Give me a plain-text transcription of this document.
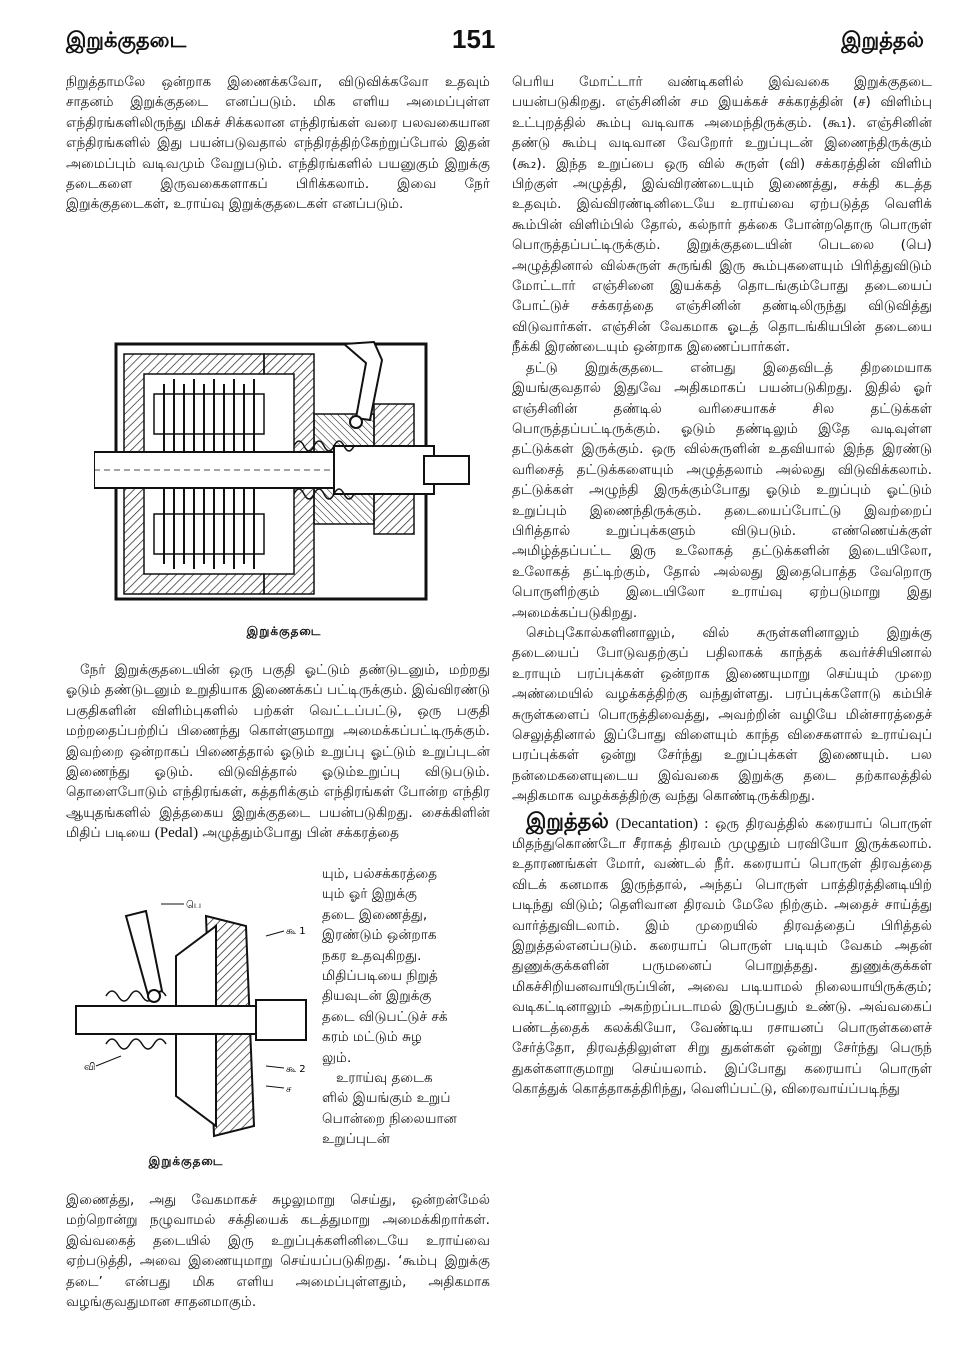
இறுக்குதடை	151	இறுத்தல்

நிறுத்தாமலே ஒன்றாக இணைக்கவோ, விடுவிக்கவோ உதவும் சாதனம் இறுக்குதடை எனப்படும். மிக எளிய அமைப்புள்ள எந்திரங்களிலிருந்து மிகச் சிக்கலான எந்திரங்கள் வரை பலவகையான எந்திரங்களில் இது பயன்படுவதால் எந்திரத்திற்கேற்றுப்போல் இதன் அமைப்பும் வடிவமும் வேறுபடும். எந்திரங்களில் பயனுகும் இறுக்கு தடைகளை இருவகைகளாகப் பிரிக்கலாம். இவை நேர் இறுக்குதடைகள், உராய்வு இறுக்குதடைகள் எனப்படும்.

இறுக்குதடை

நேர் இறுக்குதடையின் ஒரு பகுதி ஓட்டும் தண்டுடனும், மற்றது ஓடும் தண்டுடனும் உறுதியாக இணைக்கப் பட்டிருக்கும். இவ்விரண்டு பகுதிகளின் விளிம்புகளில் பற்கள் வெட்டப்பட்டு, ஒரு பகுதி மற்றதைப்பற்றிப் பிணைந்து கொள்ளுமாறு அமைக்கப்பட்டிருக்கும். இவற்றை ஒன்றாகப் பிணைத்தால் ஓடும் உறுப்பு ஓட்டும் உறுப்புடன் இணைந்து ஓடும். விடுவித்தால் ஓடும்உறுப்பு விடுபடும். தொளைபோடும் எந்திரங்கள், கத்தரிக்கும் எந்திரங்கள் போன்ற எந்திர ஆயுதங்களில் இத்தகைய இறுக்குதடை பயன்படுகிறது. சைக்கிளின் மிதிப் படியை (Pedal) அழுத்தும்போது பின் சக்கரத்தை

பெ
கூ 1
கூ 2
ச
வி
இறுக்குதடை
யும், பல்சக்கரத்தை
யும் ஓர் இறுக்கு
தடை இணைத்து,
இரண்டும் ஒன்றாக
நகர உதவுகிறது.
மிதிப்படியை நிறுத்
தியவுடன் இறுக்கு
தடை விடுபட்டுச் சக்
கரம் மட்டும் சுழ
லும்.
உராய்வு தடைக
ளில் இயங்கும் உறுப்
பொன்றை நிலையான
உறுப்புடன்

இணைத்து, அது வேகமாகச் சுழலுமாறு செய்து, ஒன்றன்மேல் மற்றொன்று நழுவாமல் சக்தியைக் கடத்துமாறு அமைக்கிறார்கள். இவ்வகைத் தடையில் இரு உறுப்புக்களினிடையே உராய்வை ஏற்படுத்தி, அவை இணையுமாறு செய்யப்படுகிறது. ‘கூம்பு இறுக்கு தடை’ என்பது மிக எளிய அமைப்புள்ளதும், அதிகமாக வழங்குவதுமான சாதனமாகும்.

பெரிய மோட்டார் வண்டிகளில் இவ்வகை இறுக்குதடை பயன்படுகிறது. எஞ்சினின் சம இயக்கச் சக்கரத்தின் (ச) விளிம்பு உட்புறத்தில் கூம்பு வடிவாக அமைந்திருக்கும். (கூ₁). எஞ்சினின் தண்டு கூம்பு வடிவான வேறோர் உறுப்புடன் இணைந்திருக்கும் (கூ₂). இந்த உறுப்பை ஒரு வில் சுருள் (வி) சக்கரத்தின் விளிம் பிற்குள் அழுத்தி, இவ்விரண்டையும் இணைத்து, சக்தி கடத்த உதவும். இவ்விரண்டினிடையே உராய்வை ஏற்படுத்த வெளிக் கூம்பின் விளிம்பில் தோல், கல்நார் தக்கை போன்றதொரு பொருள் பொருத்தப்பட்டிருக்கும். இறுக்குதடையின் பெடலை (பெ) அழுத்தினால் வில்சுருள் சுருங்கி இரு கூம்புகளையும் பிரித்துவிடும் மோட்டார் எஞ்சினை இயக்கத் தொடங்கும்போது தடையைப் போட்டுச் சக்கரத்தை எஞ்சினின் தண்டிலிருந்து விடுவித்து விடுவார்கள். எஞ்சின் வேகமாக ஓடத் தொடங்கியபின் தடையை நீக்கி இரண்டையும் ஒன்றாக இணைப்பார்கள்.

தட்டு இறுக்குதடை என்பது இதைவிடத் திறமையாக இயங்குவதால் இதுவே அதிகமாகப் பயன்படுகிறது. இதில் ஓர் எஞ்சினின் தண்டில் வரிசையாகச் சில தட்டுக்கள் பொருத்தப்பட்டிருக்கும். ஓடும் தண்டிலும் இதே வடிவுள்ள தட்டுக்கள் இருக்கும். ஒரு வில்சுருளின் உதவியால் இந்த இரண்டு வரிசைத் தட்டுக்களையும் அழுத்தலாம் அல்லது விடுவிக்கலாம். தட்டுக்கள் அழுந்தி இருக்கும்போது ஓடும் உறுப்பும் ஓட்டும் உறுப்பும் இணைந்திருக்கும். தடையைப்போட்டு இவற்றைப் பிரித்தால் உறுப்புக்களும் விடுபடும். எண்ணெய்க்குள் அமிழ்த்தப்பட்ட இரு உலோகத் தட்டுக்களின் இடையிலோ, உலோகத் தட்டிற்கும், தோல் அல்லது இதைபொத்த வேறொரு பொருளிற்கும் இடையிலோ உராய்வு ஏற்படுமாறு இது அமைக்கப்படுகிறது.

செம்புகோல்களினாலும், வில் சுருள்களினாலும் இறுக்கு தடையைப் போடுவதற்குப் பதிலாகக் காந்தக் கவர்ச்சியினால் உராயும் பரப்புக்கள் ஒன்றாக இணையுமாறு செய்யும் முறை அண்மையில் வழக்கத்திற்கு வந்துள்ளது. பரப்புக்களோடு கம்பிச் சுருள்களைப் பொருத்திவைத்து, அவற்றின் வழியே மின்சாரத்தைச் செலுத்தினால் இப்போது விளையும் காந்த விசைகளால் உராய்வுப் பரப்புக்கள் ஒன்று சேர்ந்து உறுப்புக்கள் இணையும். பல நன்மைகளையுடைய இவ்வகை இறுக்கு தடை தற்காலத்தில் அதிகமாக வழக்கத்திற்கு வந்து கொண்டிருக்கிறது.

இறுத்தல் (Decantation) : ஒரு திரவத்தில் கரையாப் பொருள் மிதந்துகொண்டோ சீராகத் திரவம் முழுதும் பரவியோ இருக்கலாம். உதாரணங்கள் மோர், வண்டல் நீர். கரையாப் பொருள் திரவத்தை விடக் கனமாக இருந்தால், அந்தப் பொருள் பாத்திரத்தினடியிற் படிந்து விடும்; தெளிவான திரவம் மேலே நிற்கும். அதைச் சாய்த்து வார்த்துவிடலாம். இம் முறையில் திரவத்தைப் பிரித்தல் இறுத்தல்எனப்படும். கரையாப் பொருள் படியும் வேகம் அதன் துணுக்குக்களின் பருமனைப் பொறுத்தது. துணுக்குக்கள் மிகச்சிறியனவாயிருப்பின், அவை படியாமல் நிலையாயிருக்கும்; வடிகட்டினாலும் அகற்றப்படாமல் இருப்பதும் உண்டு. அவ்வகைப் பண்டத்தைக் கலக்கியோ, வேண்டிய ரசாயனப் பொருள்களைச் சேர்த்தோ, திரவத்திலுள்ள சிறு துகள்கள் ஒன்று சேர்ந்து பெருந் துகள்களாகுமாறு செய்யலாம். இப்போது கரையாப் பொருள் கொத்துக் கொத்தாகத்திரிந்து, வெளிப்பட்டு, விரைவாய்ப்படிந்து
